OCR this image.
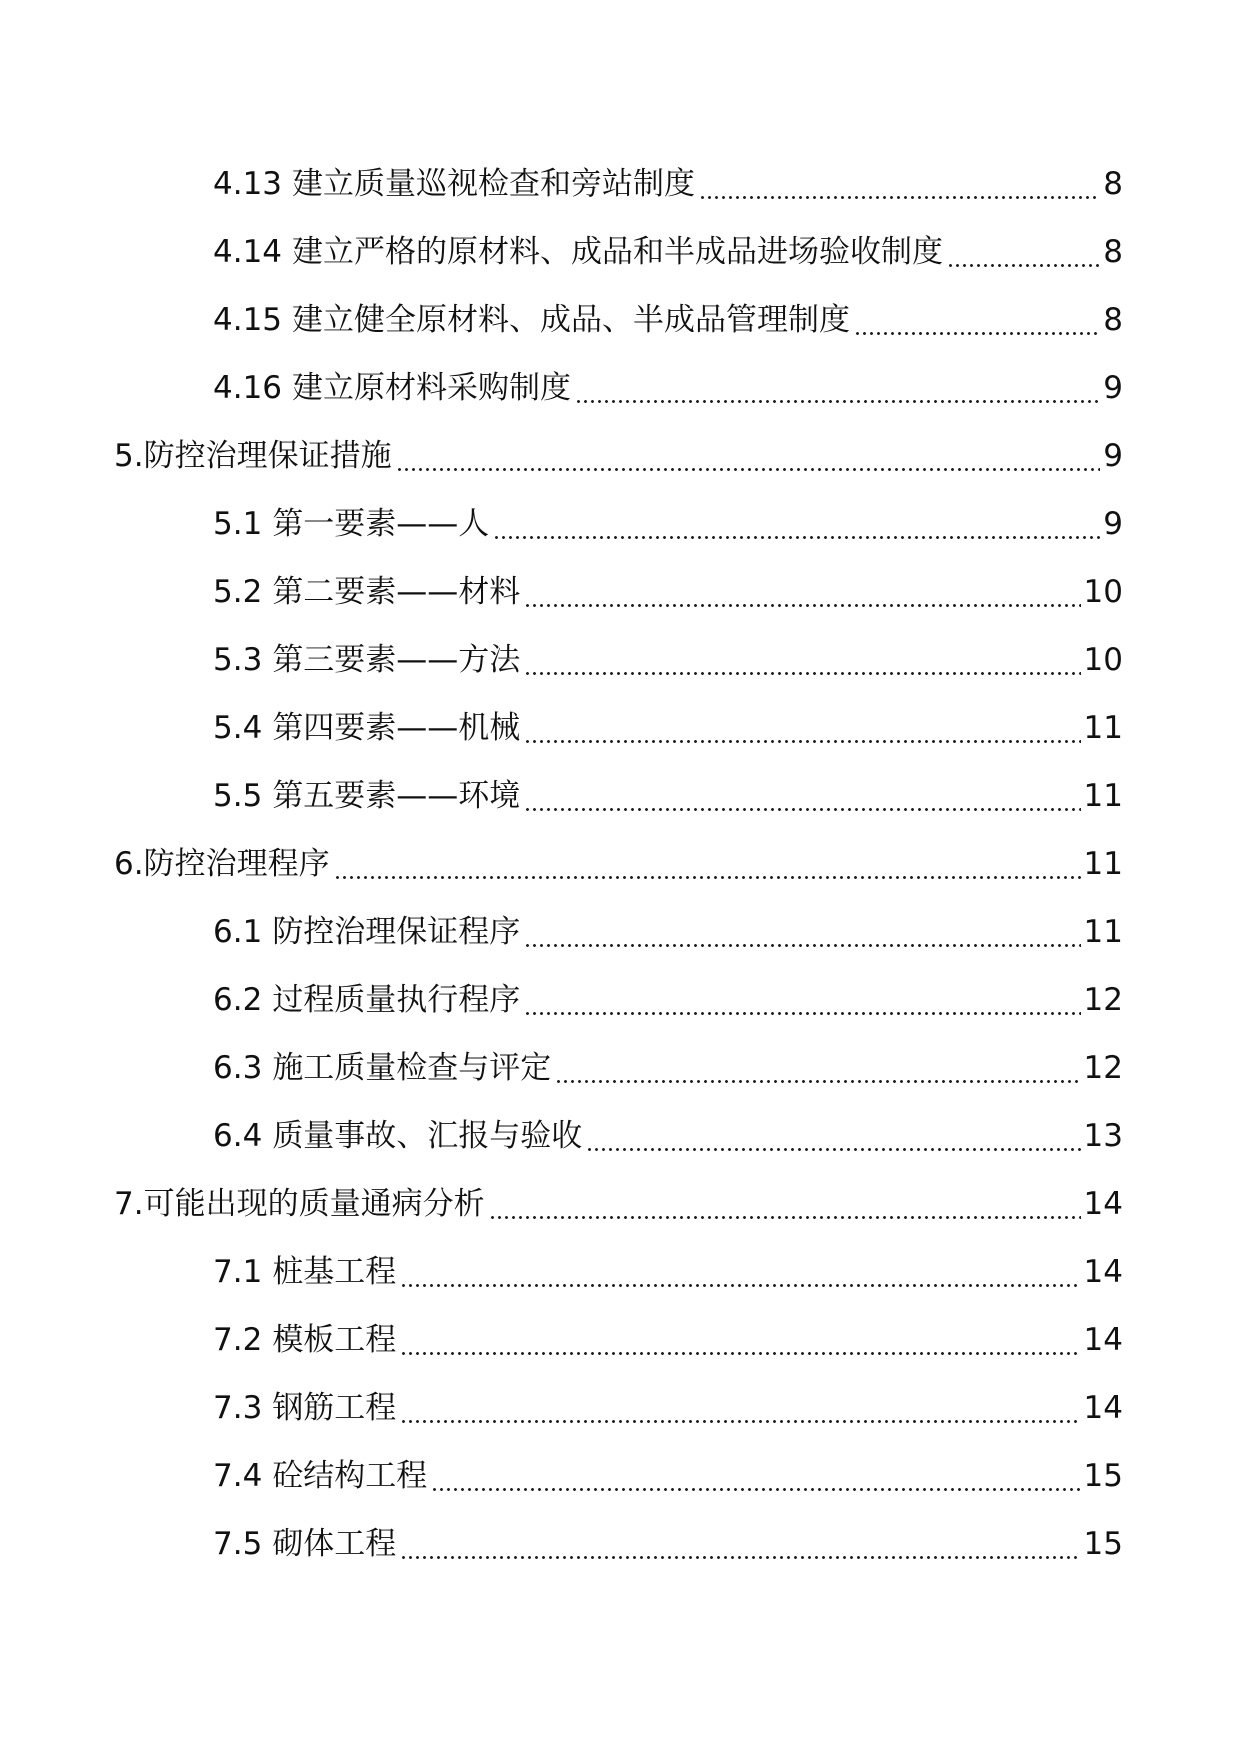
4.13 建立质量巡视检查和旁站制度	8
4.14 建立严格的原材料、成品和半成品进场验收制度	8
4.15 建立健全原材料、成品、半成品管理制度	8
4.16 建立原材料采购制度	9
5. 防控治理保证措施	9
5.1 第一要素——人	9
5.2 第二要素——材料	10
5.3 第三要素——方法	10
5.4 第四要素——机械	11
5.5 第五要素——环境	11
6. 防控治理程序	11
6.1 防控治理保证程序	11
6.2 过程质量执行程序	12
6.3 施工质量检查与评定	12
6.4 质量事故、汇报与验收	13
7. 可能出现的质量通病分析	14
7.1 桩基工程	14
7.2 模板工程	14
7.3 钢筋工程	14
7.4 砼结构工程	15
7.5 砌体工程	15
